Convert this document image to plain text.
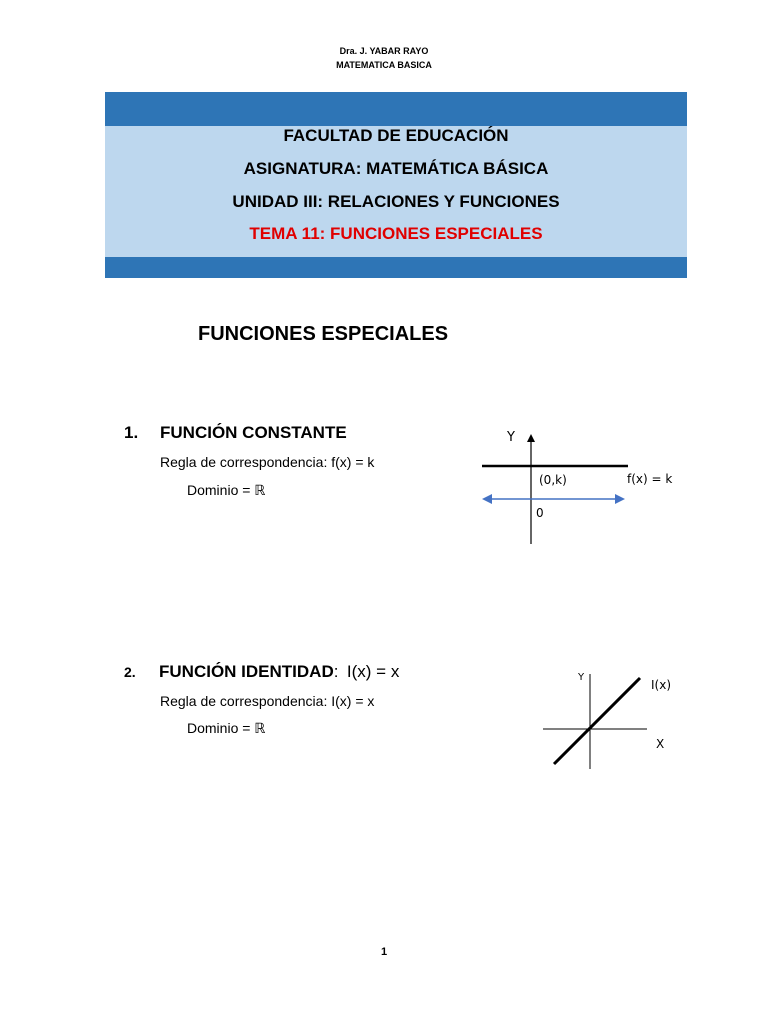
Dra. J. YABAR RAYO
MATEMATICA BASICA
FACULTAD DE EDUCACIÓN
ASIGNATURA: MATEMÁTICA BÁSICA
UNIDAD III: RELACIONES Y FUNCIONES
TEMA 11: FUNCIONES ESPECIALES
FUNCIONES ESPECIALES
1. FUNCIÓN CONSTANTE
Regla de correspondencia: f(x) = k
Dominio = ℝ
Y
(0,k)	f(x) = k
0
2. FUNCIÓN IDENTIDAD: I(x) = x
Regla de correspondencia: I(x) = x
Dominio = ℝ
Y
I(x)
X
1
